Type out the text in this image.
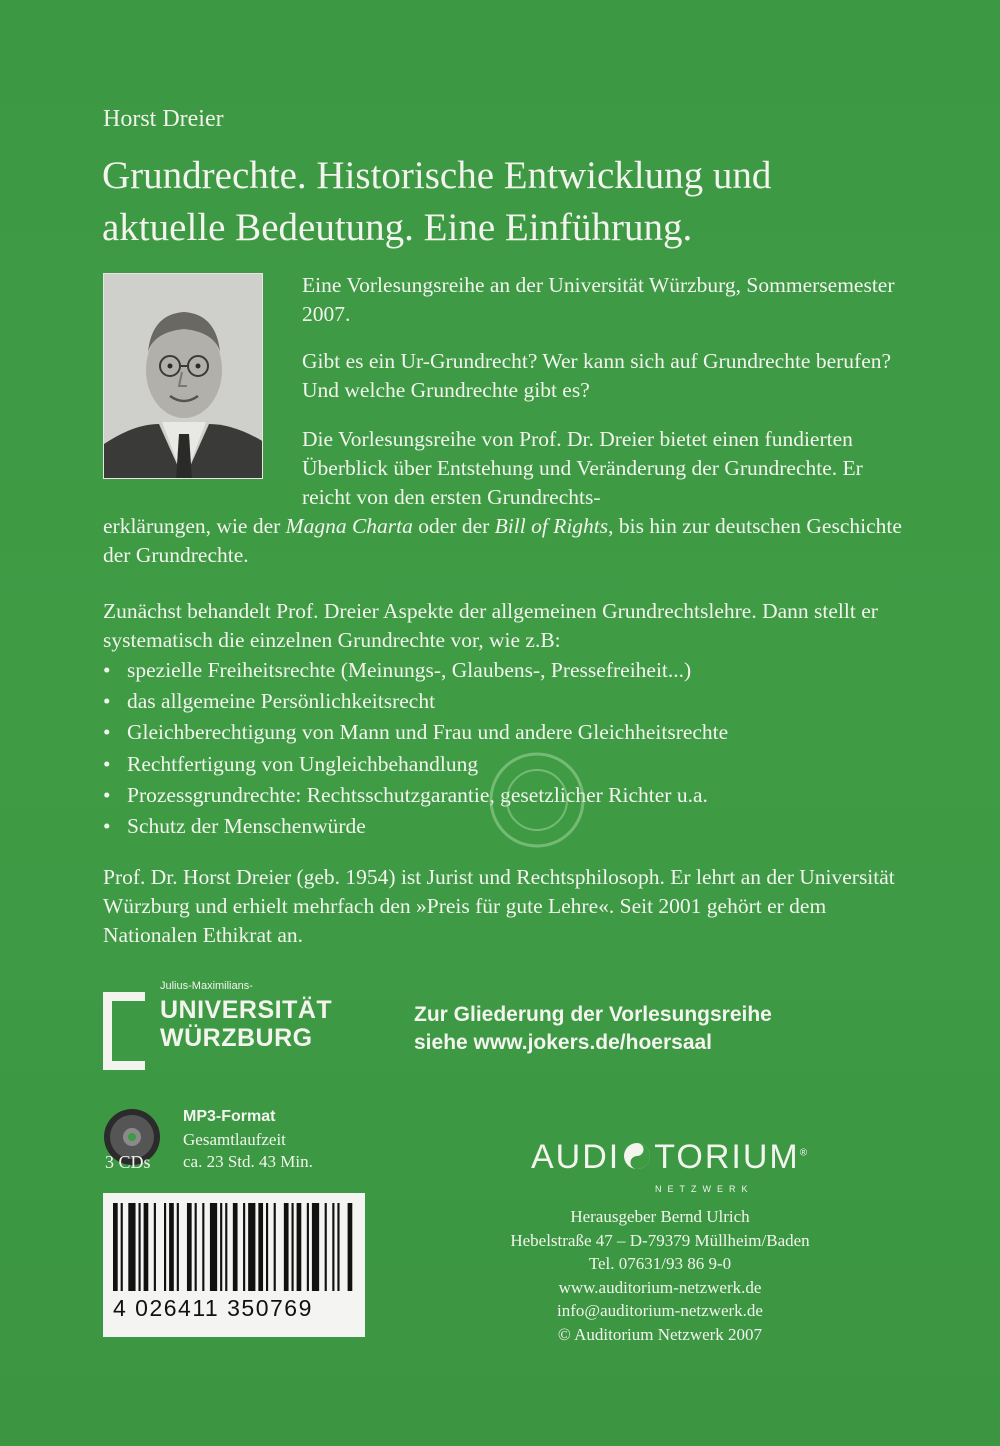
Horst Dreier
Grundrechte. Historische Entwicklung und
aktuelle Bedeutung. Eine Einführung.

Eine Vorlesungsreihe an der Universität Würzburg, Sommersemester 2007.

Gibt es ein Ur-Grundrecht? Wer kann sich auf Grundrechte berufen? Und welche Grundrechte gibt es?

Die Vorlesungsreihe von Prof. Dr. Dreier bietet einen fundierten Überblick über Entstehung und Veränderung der Grundrechte. Er reicht von den ersten Grundrechts-

erklärungen, wie der Magna Charta oder der Bill of Rights, bis hin zur deutschen Geschichte der Grundrechte.

Zunächst behandelt Prof. Dreier Aspekte der allgemeinen Grundrechtslehre. Dann stellt er systematisch die einzelnen Grundrechte vor, wie z.B:

• spezielle Freiheitsrechte (Meinungs-, Glaubens-, Pressefreiheit...)
• das allgemeine Persönlichkeitsrecht
• Gleichberechtigung von Mann und Frau und andere Gleichheitsrechte
• Rechtfertigung von Ungleichbehandlung
• Prozessgrundrechte: Rechtsschutzgarantie, gesetzlicher Richter u.a.
• Schutz der Menschenwürde

Prof. Dr. Horst Dreier (geb. 1954) ist Jurist und Rechtsphilosoph. Er lehrt an der Universität Würzburg und erhielt mehrfach den »Preis für gute Lehre«. Seit 2001 gehört er dem Nationalen Ethikrat an.

Julius-Maximilians-
UNIVERSITÄT
WÜRZBURG
Zur Gliederung der Vorlesungsreihe
siehe www.jokers.de/hoersaal
3 CDs
MP3-Format
Gesamtlaufzeit
ca. 23 Std. 43 Min.
4 026411 350769
AUDI TORIUM®
NETZWERK
Herausgeber Bernd Ulrich
Hebelstraße 47 – D-79379 Müllheim/Baden
Tel. 07631/93 86 9-0
www.auditorium-netzwerk.de
info@auditorium-netzwerk.de
© Auditorium Netzwerk 2007
